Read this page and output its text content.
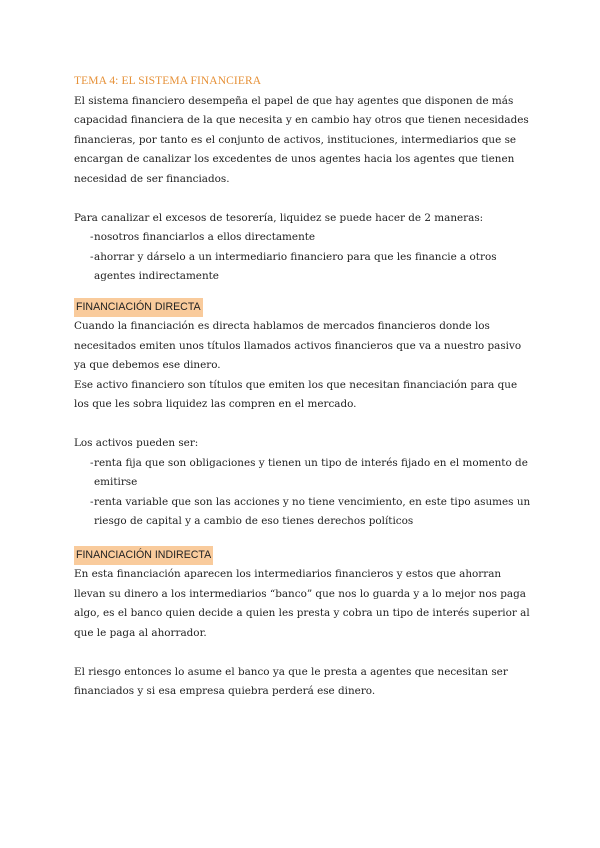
TEMA 4: EL SISTEMA FINANCIERA

El sistema financiero desempeña el papel de que hay agentes que disponen de más capacidad financiera de la que necesita y en cambio hay otros que tienen necesidades financieras, por tanto es el conjunto de activos, instituciones, intermediarios que se encargan de canalizar los excedentes de unos agentes hacia los agentes que tienen necesidad de ser financiados.

Para canalizar el excesos de tesorería, liquidez se puede hacer de 2 maneras:

- nosotros financiarlos a ellos directamente
- ahorrar y dárselo a un intermediario financiero para que les financie a otros agentes indirectamente
FINANCIACIÓN DIRECTA

Cuando la financiación es directa hablamos de mercados financieros donde los necesitados emiten unos títulos llamados activos financieros que va a nuestro pasivo ya que debemos ese dinero.

Ese activo financiero son títulos que emiten los que necesitan financiación para que los que les sobra liquidez las compren en el mercado.

Los activos pueden ser:

- renta fija que son obligaciones y tienen un tipo de interés fijado en el momento de emitirse
- renta variable que son las acciones y no tiene vencimiento, en este tipo asumes un riesgo de capital y a cambio de eso tienes derechos políticos
FINANCIACIÓN INDIRECTA

En esta financiación aparecen los intermediarios financieros y estos que ahorran llevan su dinero a los intermediarios “banco” que nos lo guarda y a lo mejor nos paga algo, es el banco quien decide a quien les presta y cobra un tipo de interés superior al que le paga al ahorrador.

El riesgo entonces lo asume el banco ya que le presta a agentes que necesitan ser financiados y si esa empresa quiebra perderá ese dinero.
